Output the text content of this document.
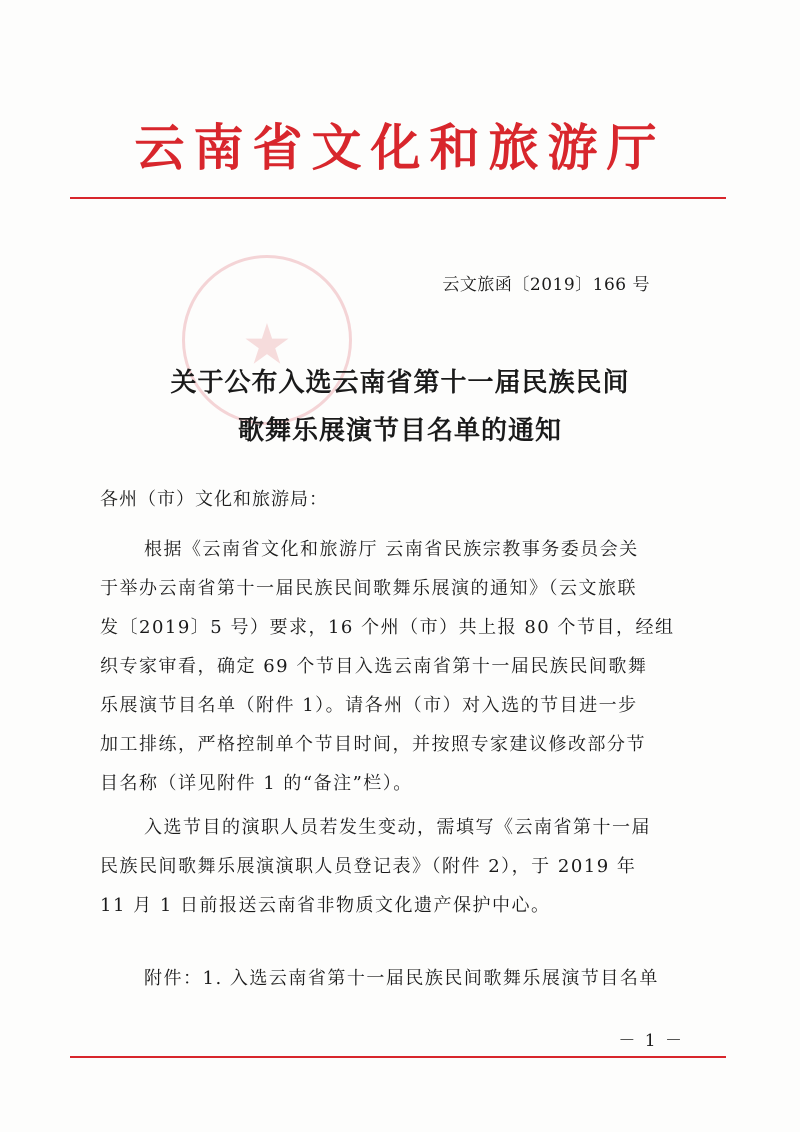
云南省文化和旅游厅
★
云文旅函〔2019〕166 号
关于公布入选云南省第十一届民族民间
歌舞乐展演节目名单的通知
各州（市）文化和旅游局：
根据《云南省文化和旅游厅 云南省民族宗教事务委员会关
于举办云南省第十一届民族民间歌舞乐展演的通知》（云文旅联
发〔2019〕5 号）要求，16 个州（市）共上报 80 个节目，经组
织专家审看，确定 69 个节目入选云南省第十一届民族民间歌舞
乐展演节目名单（附件 1）。请各州（市）对入选的节目进一步
加工排练，严格控制单个节目时间，并按照专家建议修改部分节
目名称（详见附件 1 的“备注”栏）。
入选节目的演职人员若发生变动，需填写《云南省第十一届
民族民间歌舞乐展演演职人员登记表》（附件 2），于 2019 年
11 月 1 日前报送云南省非物质文化遗产保护中心。
附件：1. 入选云南省第十一届民族民间歌舞乐展演节目名单
－ 1 －
